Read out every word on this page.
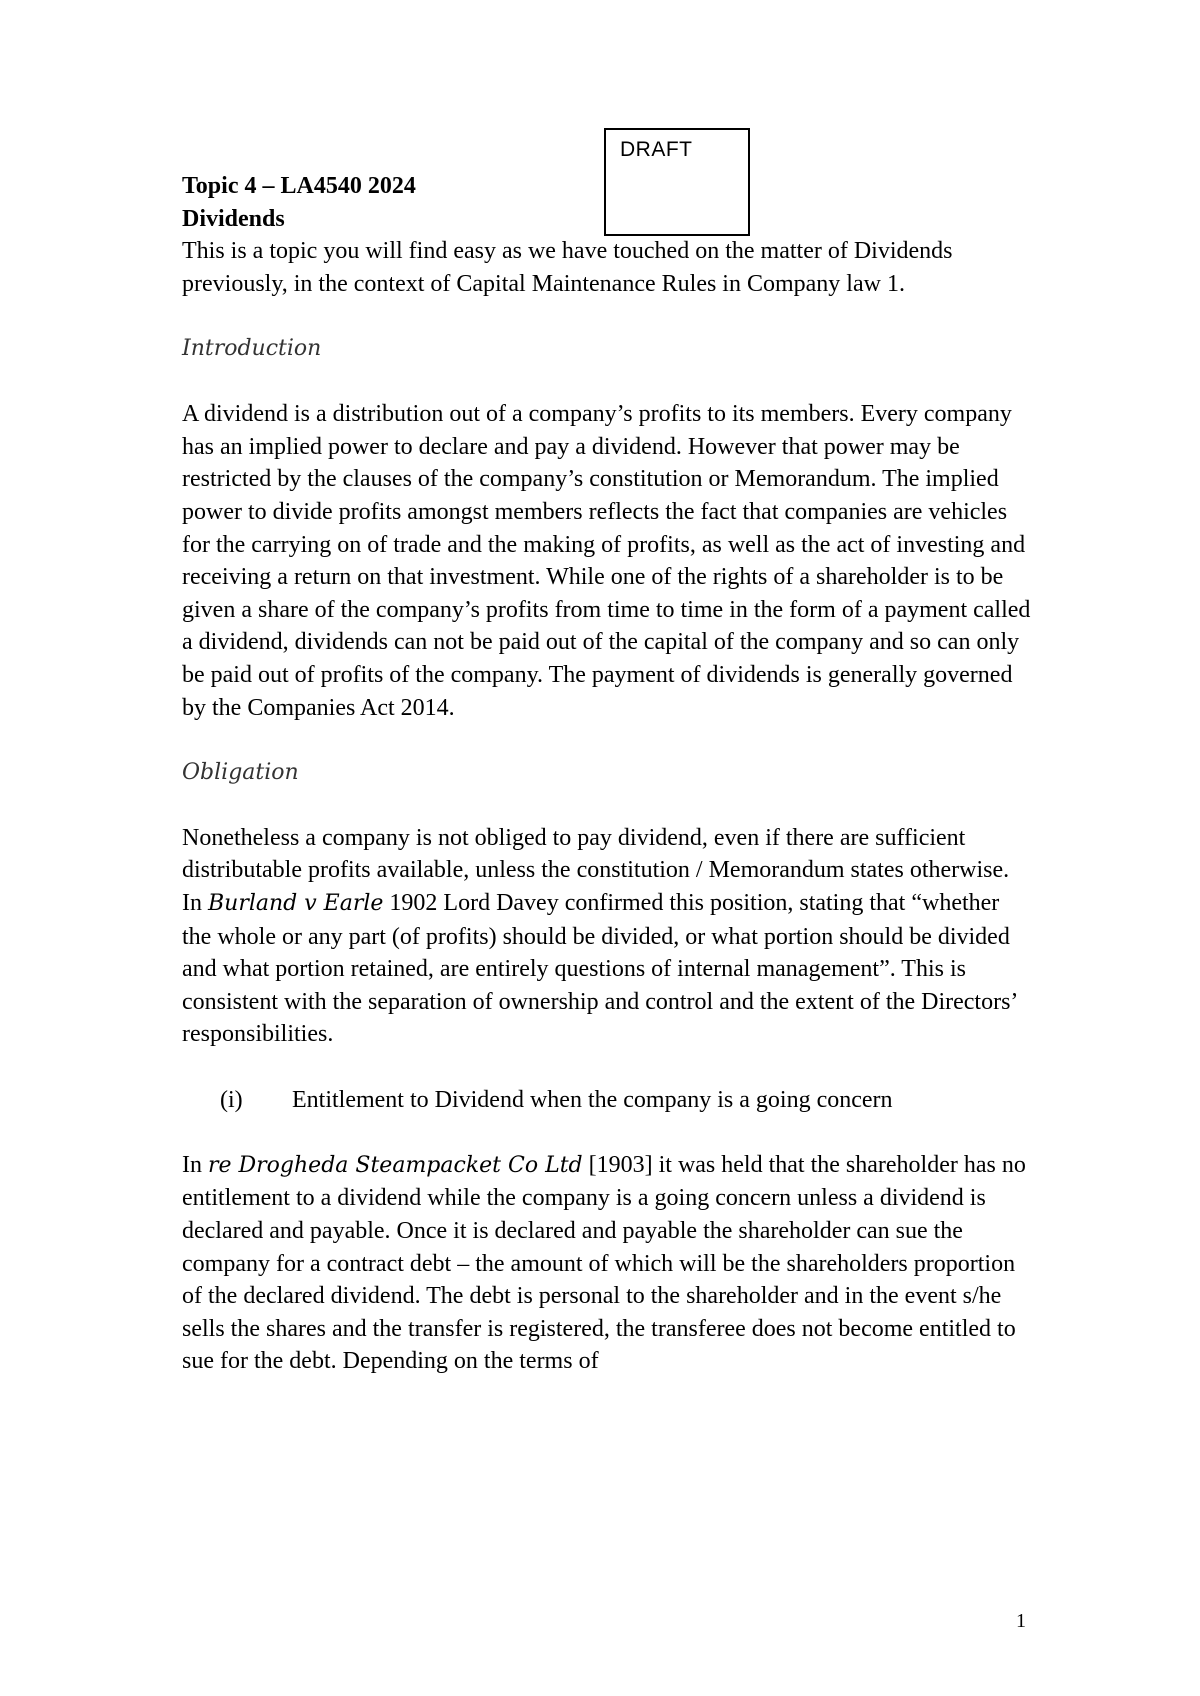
DRAFT

Topic 4 – LA4540 2024

Dividends

This is a topic you will find easy as we have touched on the matter of Dividends previously, in the context of Capital Maintenance Rules in Company law 1.

Introduction

A dividend is a distribution out of a company’s profits to its members. Every company has an implied power to declare and pay a dividend. However that power may be restricted by the clauses of the company’s constitution or Memorandum. The implied power to divide profits amongst members reflects the fact that companies are vehicles for the carrying on of trade and the making of profits, as well as the act of investing and receiving a return on that investment. While one of the rights of a shareholder is to be given a share of the company’s profits from time to time in the form of a payment called a dividend, dividends can not be paid out of the capital of the company and so can only be paid out of profits of the company. The payment of dividends is generally governed by the Companies Act 2014.

Obligation

Nonetheless a company is not obliged to pay dividend, even if there are sufficient distributable profits available, unless the constitution / Memorandum states otherwise. In Burland v Earle 1902 Lord Davey confirmed this position, stating that “whether the whole or any part (of profits) should be divided, or what portion should be divided and what portion retained, are entirely questions of internal management”. This is consistent with the separation of ownership and control and the extent of the Directors’ responsibilities.

(i) Entitlement to Dividend when the company is a going concern

In re Drogheda Steampacket Co Ltd [1903] it was held that the shareholder has no entitlement to a dividend while the company is a going concern unless a dividend is declared and payable. Once it is declared and payable the shareholder can sue the company for a contract debt – the amount of which will be the shareholders proportion of the declared dividend. The debt is personal to the shareholder and in the event s/he sells the shares and the transfer is registered, the transferee does not become entitled to sue for the debt. Depending on the terms of

1
